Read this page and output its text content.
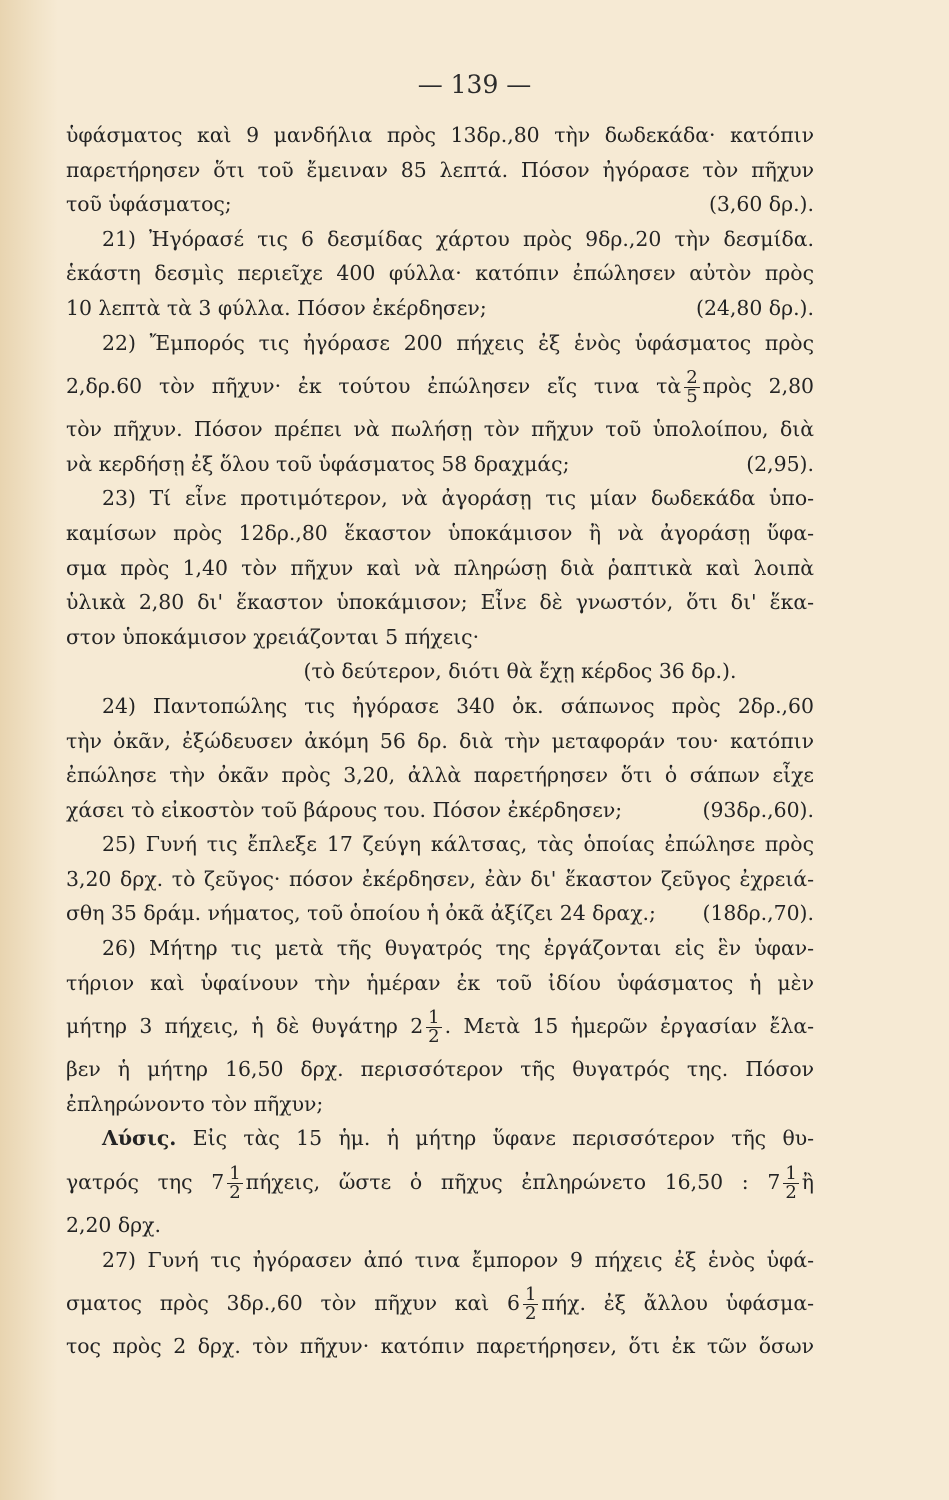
— 139 —
ὑφάσματος καὶ 9 μανδήλια πρὸς 13δρ.,80 τὴν δωδεκάδα· κατόπιν
παρετήρησεν ὅτι τοῦ ἔμειναν 85 λεπτά. Πόσον ἠγόρασε τὸν πῆχυν
τοῦ ὑφάσματος;	(3,60 δρ.).
21) Ἠγόρασέ τις 6 δεσμίδας χάρτου πρὸς 9δρ.,20 τὴν δεσμίδα.
ἑκάστη δεσμὶς περιεῖχε 400 φύλλα· κατόπιν ἐπώλησεν αὐτὸν πρὸς
10 λεπτὰ τὰ 3 φύλλα. Πόσον ἐκέρδησεν;	(24,80 δρ.).
22) Ἔμπορός τις ἠγόρασε 200 πήχεις ἐξ ἑνὸς ὑφάσματος πρὸς
2,δρ.60 τὸν πῆχυν· ἐκ τούτου ἐπώλησεν εἴς τινα τὰ $\frac{2}{5}$ πρὸς 2,80
τὸν πῆχυν. Πόσον πρέπει νὰ πωλήσῃ τὸν πῆχυν τοῦ ὑπολοίπου, διὰ
νὰ κερδήσῃ ἐξ ὅλου τοῦ ὑφάσματος 58 δραχμάς;	(2,95).
23) Τί εἶνε προτιμότερον, νὰ ἀγοράσῃ τις μίαν δωδεκάδα ὑπο-
καμίσων πρὸς 12δρ.,80 ἕκαστον ὑποκάμισον ἢ νὰ ἀγοράσῃ ὕφα-
σμα πρὸς 1,40 τὸν πῆχυν καὶ νὰ πληρώσῃ διὰ ῥαπτικὰ καὶ λοιπὰ
ὑλικὰ 2,80 δι' ἕκαστον ὑποκάμισον; Εἶνε δὲ γνωστόν, ὅτι δι' ἕκα-
στον ὑποκάμισον χρειάζονται 5 πήχεις·
(τὸ δεύτερον, διότι θὰ ἔχῃ κέρδος 36 δρ.).
24) Παντοπώλης τις ἠγόρασε 340 ὀκ. σάπωνος πρὸς 2δρ.,60
τὴν ὀκᾶν, ἐξώδευσεν ἀκόμη 56 δρ. διὰ τὴν μεταφοράν του· κατόπιν
ἐπώλησε τὴν ὀκᾶν πρὸς 3,20, ἀλλὰ παρετήρησεν ὅτι ὁ σάπων εἶχε
χάσει τὸ εἰκοστὸν τοῦ βάρους του. Πόσον ἐκέρδησεν;	(93δρ.,60).
25) Γυνή τις ἔπλεξε 17 ζεύγη κάλτσας, τὰς ὁποίας ἐπώλησε πρὸς
3,20 δρχ. τὸ ζεῦγος· πόσον ἐκέρδησεν, ἐὰν δι' ἕκαστον ζεῦγος ἐχρειά-
σθη 35 δράμ. νήματος, τοῦ ὁποίου ἡ ὀκᾶ ἀξίζει 24 δραχ.; (18δρ.,70).
26) Μήτηρ τις μετὰ τῆς θυγατρός της ἐργάζονται εἰς ἓν ὑφαν-
τήριον καὶ ὑφαίνουν τὴν ἡμέραν ἐκ τοῦ ἰδίου ὑφάσματος ἡ μὲν
μήτηρ 3 πήχεις, ἡ δὲ θυγάτηρ $2 \frac{1}{2}$ . Μετὰ 15 ἡμερῶν ἐργασίαν ἔλα-
βεν ἡ μήτηρ 16,50 δρχ. περισσότερον τῆς θυγατρός της. Πόσον
ἐπληρώνοντο τὸν πῆχυν;
Λύσις. Εἰς τὰς 15 ἡμ. ἡ μήτηρ ὕφανε περισσότερον τῆς θυ-
γατρός της $7 \frac{1}{2} \pi ή\chi\varepsilon\iota\varsigma$, ὥστε ὁ πῆχυς ἐπληρώνετο 16,50 : $7 \frac{1}{2}$ ἢ
2,20 δρχ.
27) Γυνή τις ἠγόρασεν ἀπό τινα ἔμπορον 9 πήχεις ἐξ ἑνὸς ὑφά-
σματος πρὸς 3δρ.,60 τὸν πῆχυν καὶ $6 \frac{1}{2} \pi ή\chi$. ἐξ ἄλλου ὑφάσμα-
τος πρὸς 2 δρχ. τὸν πῆχυν· κατόπιν παρετήρησεν, ὅτι ἐκ τῶν ὅσων
